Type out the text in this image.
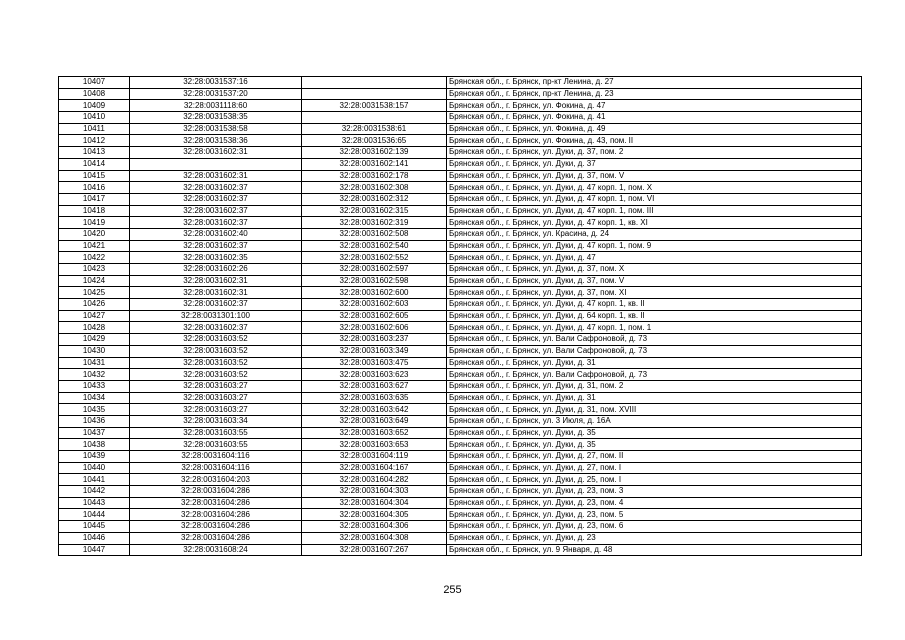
10407	32:28:0031537:16		Брянская обл., г. Брянск, пр-кт Ленина, д. 27
10408	32:28:0031537:20		Брянская обл., г. Брянск, пр-кт Ленина, д. 23
10409	32:28:0031118:60	32:28:0031538:157	Брянская обл., г. Брянск, ул. Фокина, д. 47
10410	32:28:0031538:35		Брянская обл., г. Брянск, ул. Фокина, д. 41
10411	32:28:0031538:58	32:28:0031538:61	Брянская обл., г. Брянск, ул. Фокина, д. 49
10412	32:28:0031538:36	32:28:0031536:65	Брянская обл., г. Брянск, ул. Фокина, д. 43, пом. II
10413	32:28:0031602:31	32:28:0031602:139	Брянская обл., г. Брянск, ул. Дуки, д. 37, пом. 2
10414		32:28:0031602:141	Брянская обл., г. Брянск, ул. Дуки, д. 37
10415	32:28:0031602:31	32:28:0031602:178	Брянская обл., г. Брянск, ул. Дуки, д. 37, пом. V
10416	32:28:0031602:37	32:28:0031602:308	Брянская обл., г. Брянск, ул. Дуки, д. 47 корп. 1, пом. X
10417	32:28:0031602:37	32:28:0031602:312	Брянская обл., г. Брянск, ул. Дуки, д. 47 корп. 1, пом. VI
10418	32:28:0031602:37	32:28:0031602:315	Брянская обл., г. Брянск, ул. Дуки, д. 47 корп. 1, пом. III
10419	32:28:0031602:37	32:28:0031602:319	Брянская обл., г. Брянск, ул. Дуки, д. 47 корп. 1, кв. XI
10420	32:28:0031602:40	32:28:0031602:508	Брянская обл., г. Брянск, ул. Красина, д. 24
10421	32:28:0031602:37	32:28:0031602:540	Брянская обл., г. Брянск, ул. Дуки, д. 47 корп. 1, пом. 9
10422	32:28:0031602:35	32:28:0031602:552	Брянская обл., г. Брянск, ул. Дуки, д. 47
10423	32:28:0031602:26	32:28:0031602:597	Брянская обл., г. Брянск, ул. Дуки, д. 37, пом. X
10424	32:28:0031602:31	32:28:0031602:598	Брянская обл., г. Брянск, ул. Дуки, д. 37, пом. V
10425	32:28:0031602:31	32:28:0031602:600	Брянская обл., г. Брянск, ул. Дуки, д. 37, пом. XI
10426	32:28:0031602:37	32:28:0031602:603	Брянская обл., г. Брянск, ул. Дуки, д. 47 корп. 1, кв. II
10427	32:28:0031301:100	32:28:0031602:605	Брянская обл., г. Брянск, ул. Дуки, д. 64 корп. 1, кв. II
10428	32:28:0031602:37	32:28:0031602:606	Брянская обл., г. Брянск, ул. Дуки, д. 47 корп. 1, пом. 1
10429	32:28:0031603:52	32:28:0031603:237	Брянская обл., г. Брянск, ул. Вали Сафроновой, д. 73
10430	32:28:0031603:52	32:28:0031603:349	Брянская обл., г. Брянск, ул. Вали Сафроновой, д. 73
10431	32:28:0031603:52	32:28:0031603:475	Брянская обл., г. Брянск, ул. Дуки, д. 31
10432	32:28:0031603:52	32:28:0031603:623	Брянская обл., г. Брянск, ул. Вали Сафроновой, д. 73
10433	32:28:0031603:27	32:28:0031603:627	Брянская обл., г. Брянск, ул. Дуки, д. 31, пом. 2
10434	32:28:0031603:27	32:28:0031603:635	Брянская обл., г. Брянск, ул. Дуки, д. 31
10435	32:28:0031603:27	32:28:0031603:642	Брянская обл., г. Брянск, ул. Дуки, д. 31, пом. XVIII
10436	32:28:0031603:34	32:28:0031603:649	Брянская обл., г. Брянск, ул. 3 Июля, д. 16А
10437	32:28:0031603:55	32:28:0031603:652	Брянская обл., г. Брянск, ул. Дуки, д. 35
10438	32:28:0031603:55	32:28:0031603:653	Брянская обл., г. Брянск, ул. Дуки, д. 35
10439	32:28:0031604:116	32:28:0031604:119	Брянская обл., г. Брянск, ул. Дуки, д. 27, пом. II
10440	32:28:0031604:116	32:28:0031604:167	Брянская обл., г. Брянск, ул. Дуки, д. 27, пом. I
10441	32:28:0031604:203	32:28:0031604:282	Брянская обл., г. Брянск, ул. Дуки, д. 25, пом. I
10442	32:28:0031604:286	32:28:0031604:303	Брянская обл., г. Брянск, ул. Дуки, д. 23, пом. 3
10443	32:28:0031604:286	32:28:0031604:304	Брянская обл., г. Брянск, ул. Дуки, д. 23, пом. 4
10444	32:28:0031604:286	32:28:0031604:305	Брянская обл., г. Брянск, ул. Дуки, д. 23, пом. 5
10445	32:28:0031604:286	32:28:0031604:306	Брянская обл., г. Брянск, ул. Дуки, д. 23, пом. 6
10446	32:28:0031604:286	32:28:0031604:308	Брянская обл., г. Брянск, ул. Дуки, д. 23
10447	32:28:0031608:24	32:28:0031607:267	Брянская обл., г. Брянск, ул. 9 Января, д. 48
255
